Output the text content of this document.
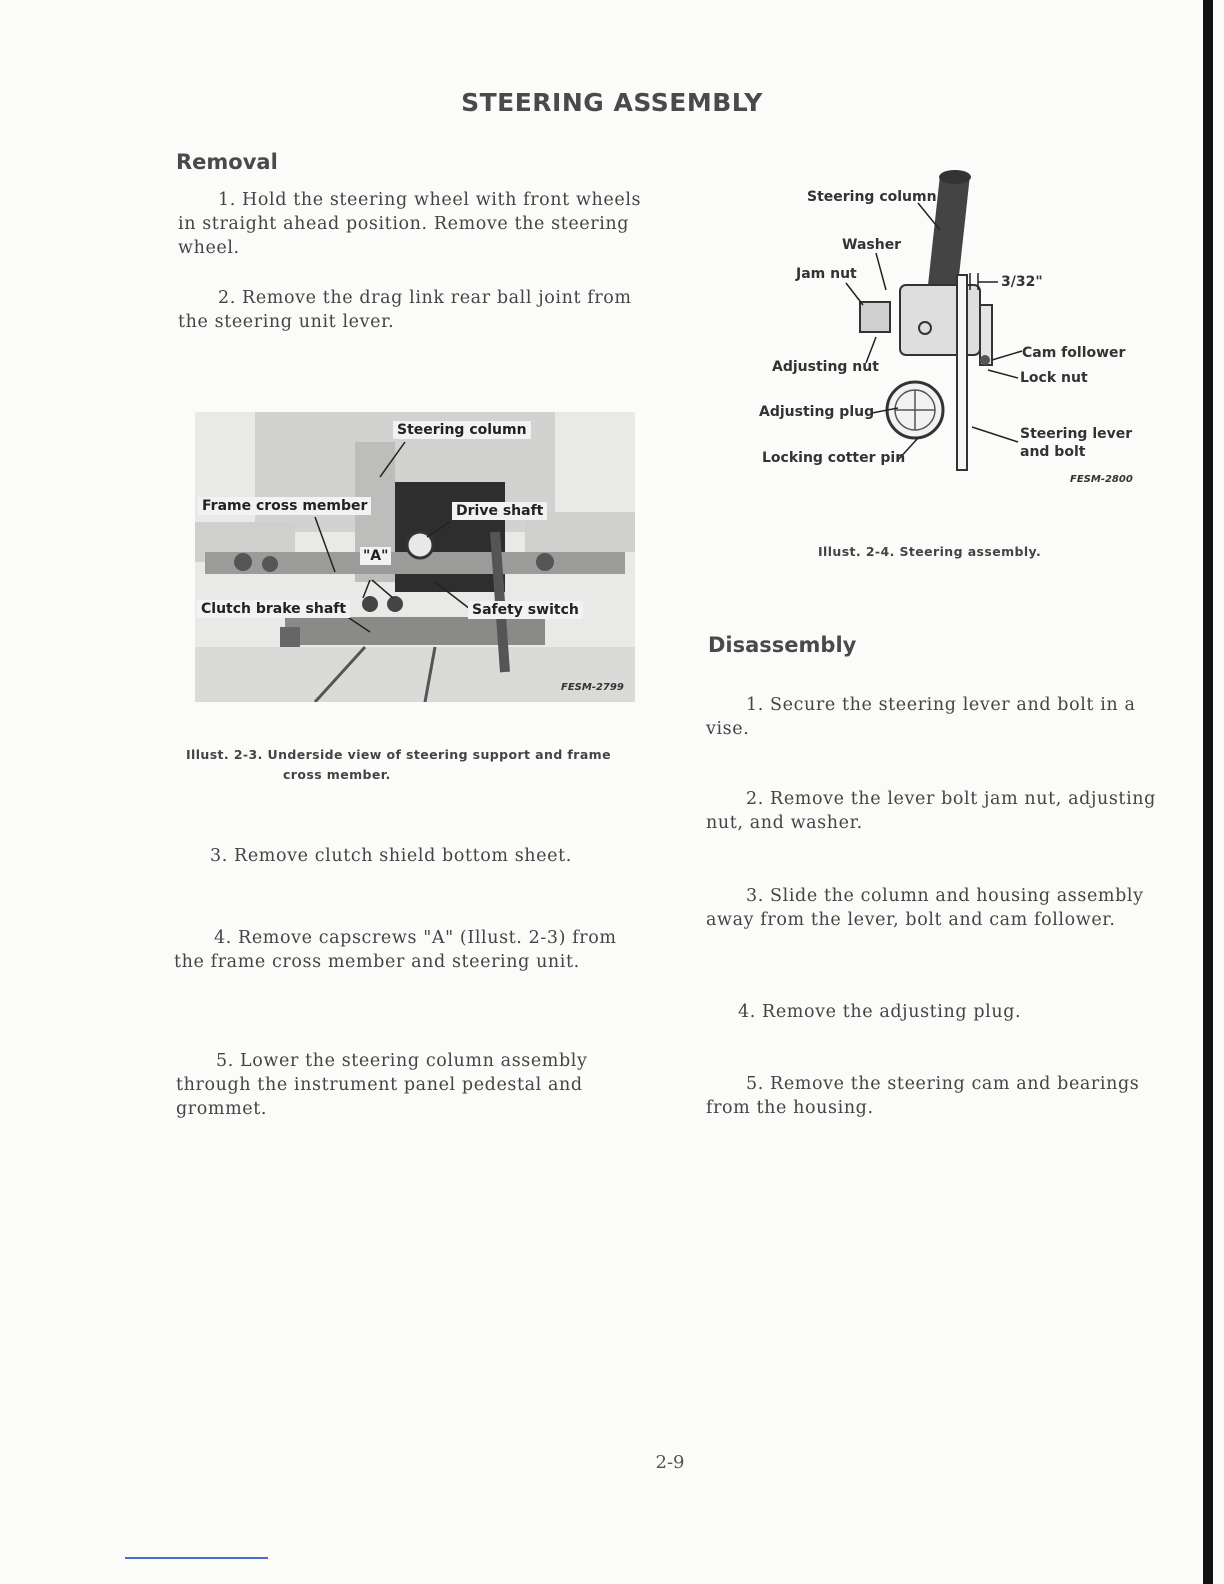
STEERING ASSEMBLY
Removal
1. Hold the steering wheel with front wheels in straight ahead position. Remove the steering wheel.
2. Remove the drag link rear ball joint from the steering unit lever.
Steering column
Frame cross member	Drive shaft
"A"
Clutch brake shaft	Safety switch
FESM-2799
Illust. 2-3. Underside view of steering support and frame
cross member.
3. Remove clutch shield bottom sheet.
4. Remove capscrews "A" (Illust. 2-3) from the frame cross member and steering unit.
5. Lower the steering column assembly through the instrument panel pedestal and grommet.
Steering column
Washer
Jam nut	3/32"
Cam follower
Lock nut
Adjusting nut
Adjusting plug
Steering lever
and bolt
Locking cotter pin
FESM-2800
Illust. 2-4. Steering assembly.
Disassembly
1. Secure the steering lever and bolt in a vise.
2. Remove the lever bolt jam nut, adjusting nut, and washer.
3. Slide the column and housing assembly away from the lever, bolt and cam follower.
4. Remove the adjusting plug.
5. Remove the steering cam and bearings from the housing.
2-9
